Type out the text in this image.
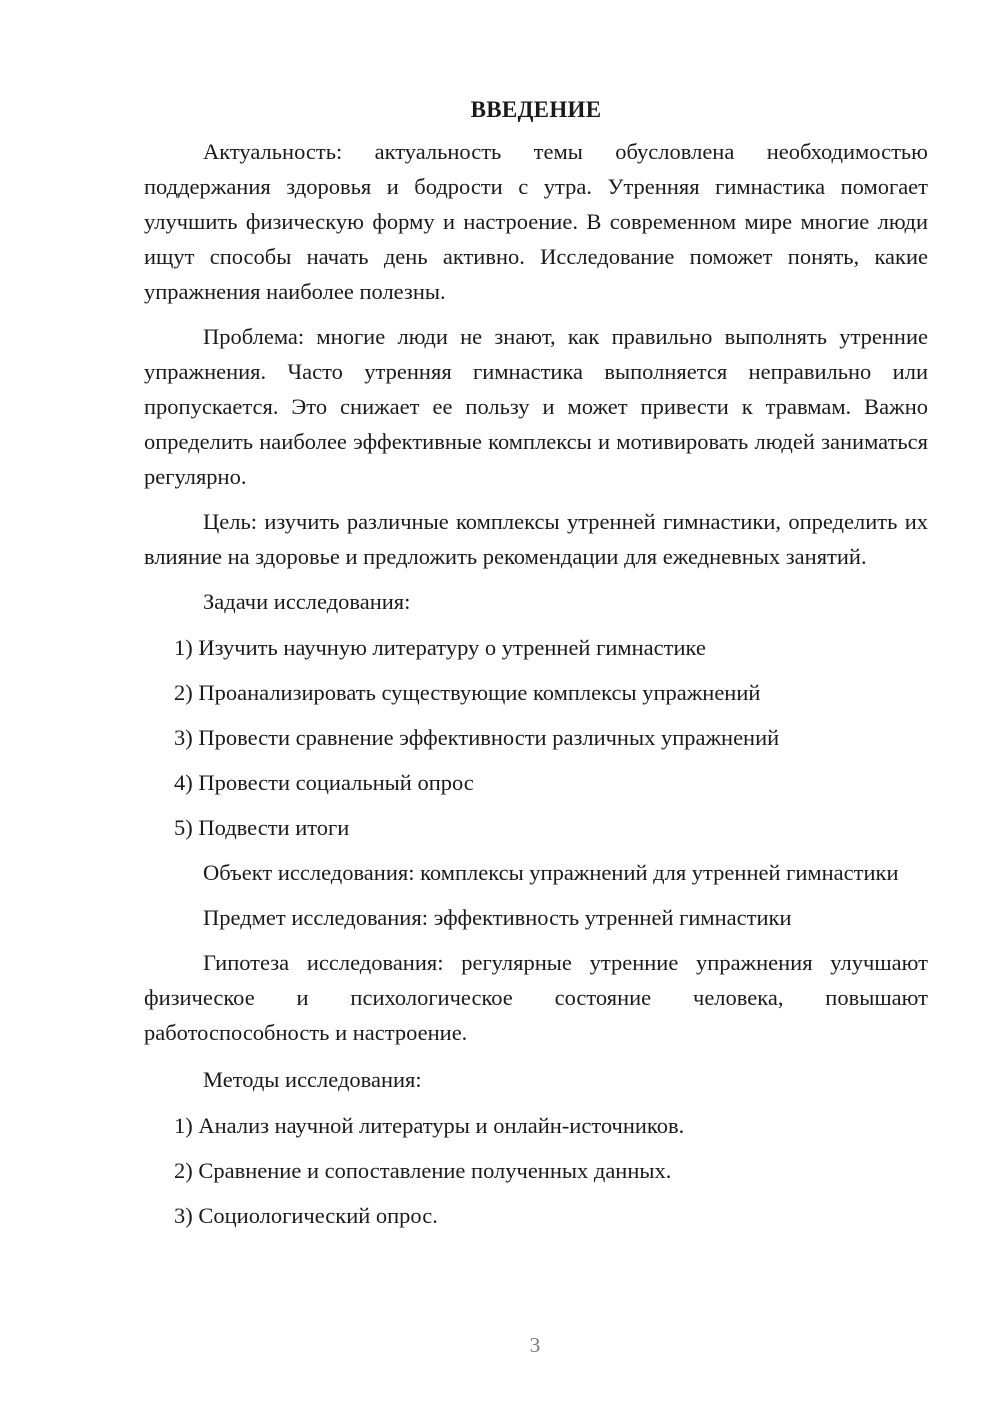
ВВЕДЕНИЕ

Актуальность: актуальность темы обусловлена необходимостью поддержания здоровья и бодрости с утра. Утренняя гимнастика помогает улучшить физическую форму и настроение. В современном мире многие люди ищут способы начать день активно. Исследование поможет понять, какие упражнения наиболее полезны.

Проблема: многие люди не знают, как правильно выполнять утренние упражнения. Часто утренняя гимнастика выполняется неправильно или пропускается. Это снижает ее пользу и может привести к травмам. Важно определить наиболее эффективные комплексы и мотивировать людей заниматься регулярно.

Цель: изучить различные комплексы утренней гимнастики, определить их влияние на здоровье и предложить рекомендации для ежедневных занятий.

Задачи исследования:

1) Изучить научную литературу о утренней гимнастике

2) Проанализировать существующие комплексы упражнений

3) Провести сравнение эффективности различных упражнений

4) Провести социальный опрос

5) Подвести итоги

Объект исследования: комплексы упражнений для утренней гимнастики

Предмет исследования: эффективность утренней гимнастики

Гипотеза исследования: регулярные утренние упражнения улучшают физическое и психологическое состояние человека, повышают работоспособность и настроение.

Методы исследования:

1) Анализ научной литературы и онлайн-источников.

2) Сравнение и сопоставление полученных данных.

3) Социологический опрос.

3
